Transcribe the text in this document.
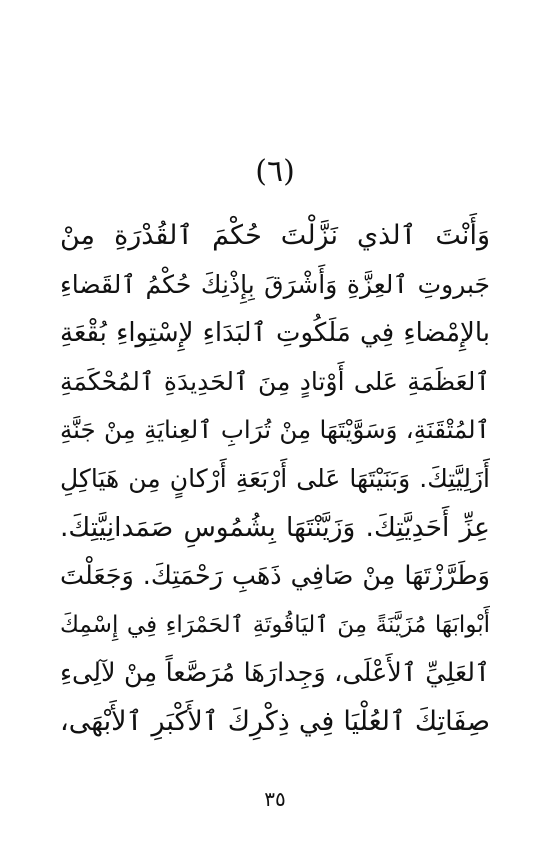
(٦)
وَأَنْتَ ٱلذي نَزَّلْتَ حُكْمَ ٱلقُدْرَةِ مِنْ
جَبروتِ ٱلعِزَّةِ وَأَشْرَقَ بِإِذْنِكَ حُكْمُ ٱلقَضاءِ
بالإِمْضاءِ فِي مَلَكُوتِ ٱلبَدَاءِ لإِسْتِواءِ بُقْعَةِ
ٱلعَظَمَةِ عَلى أَوْتادٍ مِنَ ٱلحَدِيدَةِ ٱلمُحْكَمَةِ
ٱلمُتْقَنَةِ، وَسَوَّيْتَهَا مِنْ تُرَابِ ٱلعِنايَةِ مِنْ جَنَّةِ
أَزَلِيَّتِكَ. وَبَنَيْتَهَا عَلى أَرْبَعَةِ أَرْكانٍ مِن هَيَاكِلِ
عِزِّ أَحَدِيَّتِكَ. وَزَيَّنْتَهَا بِشُمُوسِ صَمَدانِيَّتِكَ.
وَطَرَّزْتَهَا مِنْ صَافِي ذَهَبِ رَحْمَتِكَ. وَجَعَلْتَ
أَبْوابَهَا مُزَيَّنَةً مِنَ ٱليَاقُوتَةِ ٱلحَمْرَاءِ فِي إِسْمِكَ
ٱلعَلِيِّ ٱلأَعْلَى، وَجِدارَهَا مُرَصَّعاً مِنْ لآلِىءِ
صِفَاتِكَ ٱلعُلْيَا فِي ذِكْرِكَ ٱلأَكْبَرِ ٱلأَبْهَى،
٣٥
